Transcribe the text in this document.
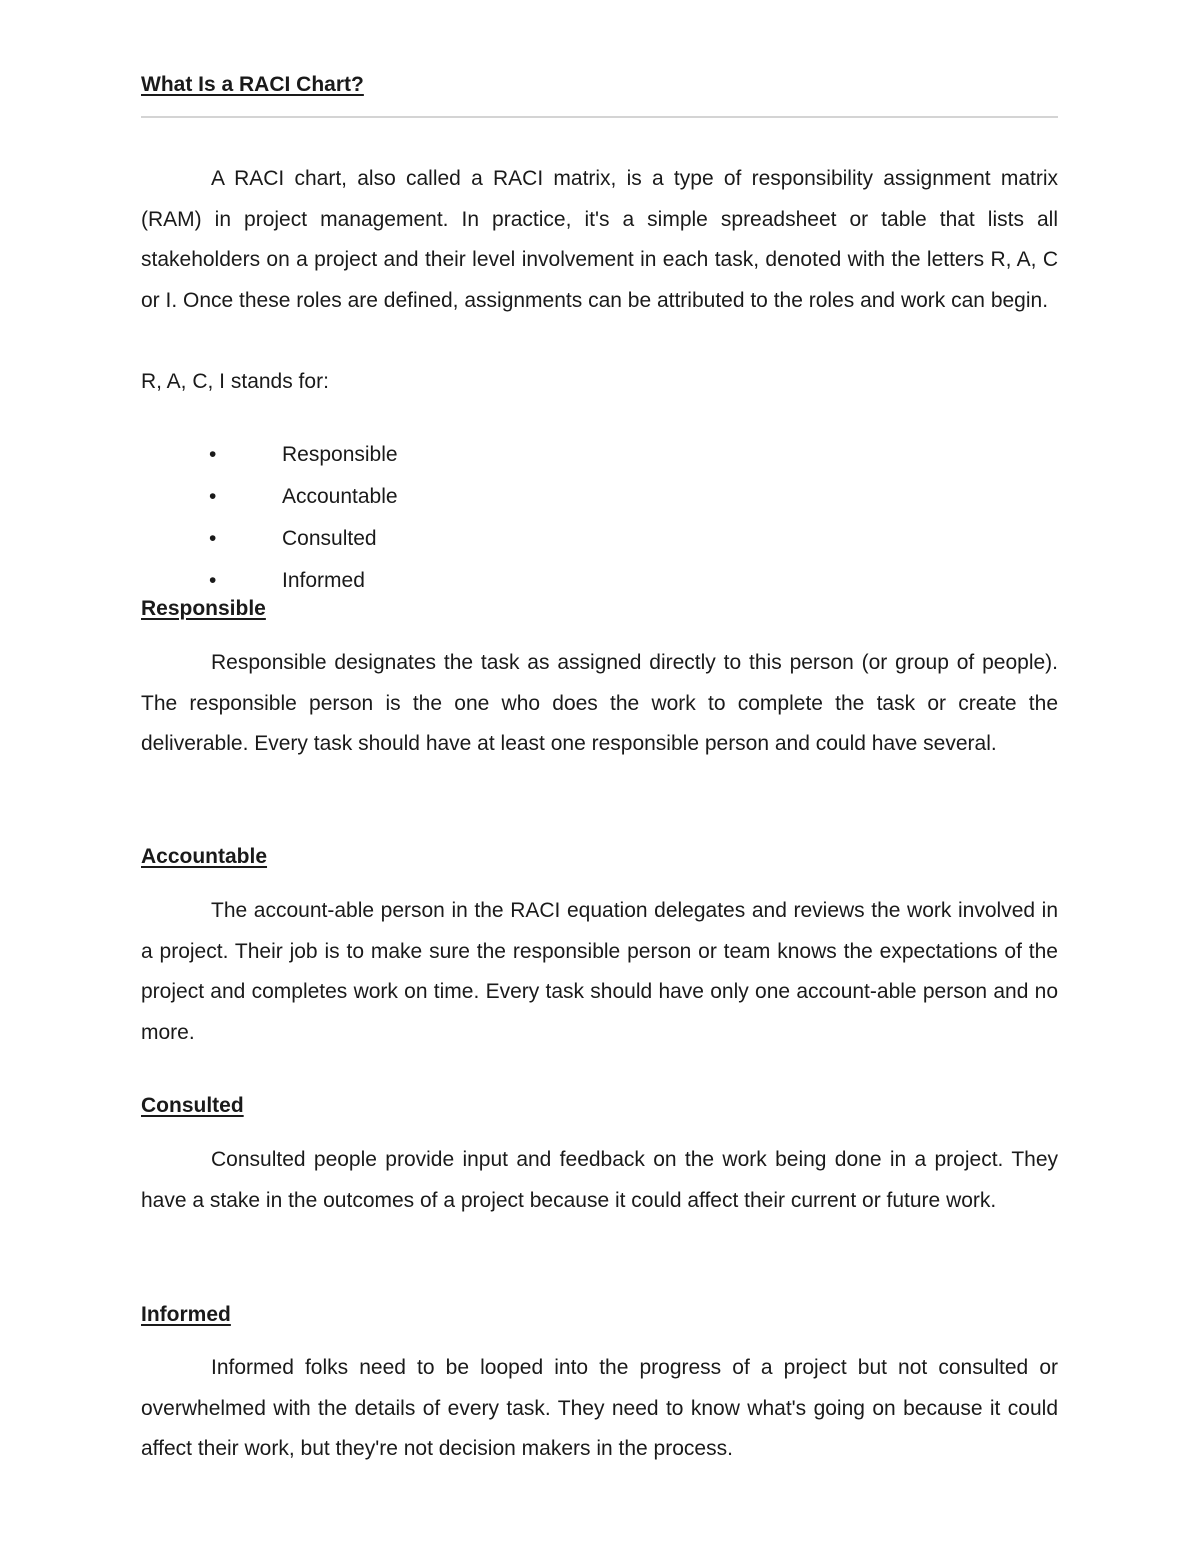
What Is a RACI Chart?

A RACI chart, also called a RACI matrix, is a type of responsibility assignment matrix (RAM) in project management. In practice, it's a simple spreadsheet or table that lists all stakeholders on a project and their level involvement in each task, denoted with the letters R, A, C or I. Once these roles are defined, assignments can be attributed to the roles and work can begin.

R, A, C, I stands for:

•	Responsible
•	Accountable
•	Consulted
•	Informed
Responsible

Responsible designates the task as assigned directly to this person (or group of people). The responsible person is the one who does the work to complete the task or create the deliverable. Every task should have at least one responsible person and could have several.

Accountable

The account-able person in the RACI equation delegates and reviews the work involved in a project. Their job is to make sure the responsible person or team knows the expectations of the project and completes work on time. Every task should have only one account-able person and no more.

Consulted

Consulted people provide input and feedback on the work being done in a project. They have a stake in the outcomes of a project because it could affect their current or future work.

Informed

Informed folks need to be looped into the progress of a project but not consulted or overwhelmed with the details of every task. They need to know what's going on because it could affect their work, but they're not decision makers in the process.
